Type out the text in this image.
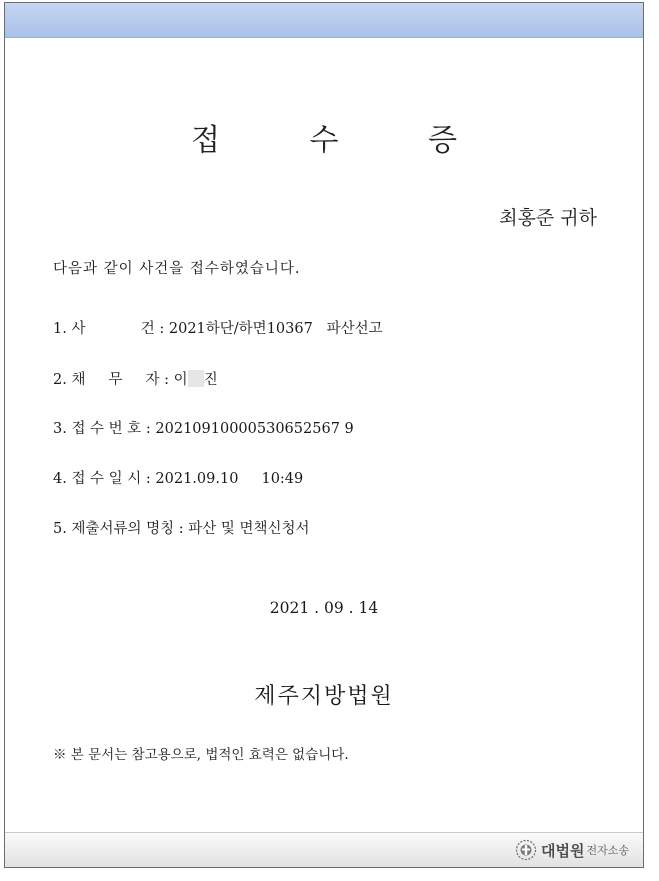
접 수 증
최홍준 귀하
다음과 같이 사건을 접수하였습니다.
1. 사            건 : 2021하단/하면10367   파산선고
2. 채     무     자 : 이 진
3. 접 수 번 호 : 20210910000530652567 9
4. 접 수 일 시 : 2021.09.10     10:49
5. 제출서류의 명칭 : 파산 및 면책신청서
2021 . 09 . 14
제주지방법원
※ 본 문서는 참고용으로, 법적인 효력은 없습니다.
대법원 전자소송
